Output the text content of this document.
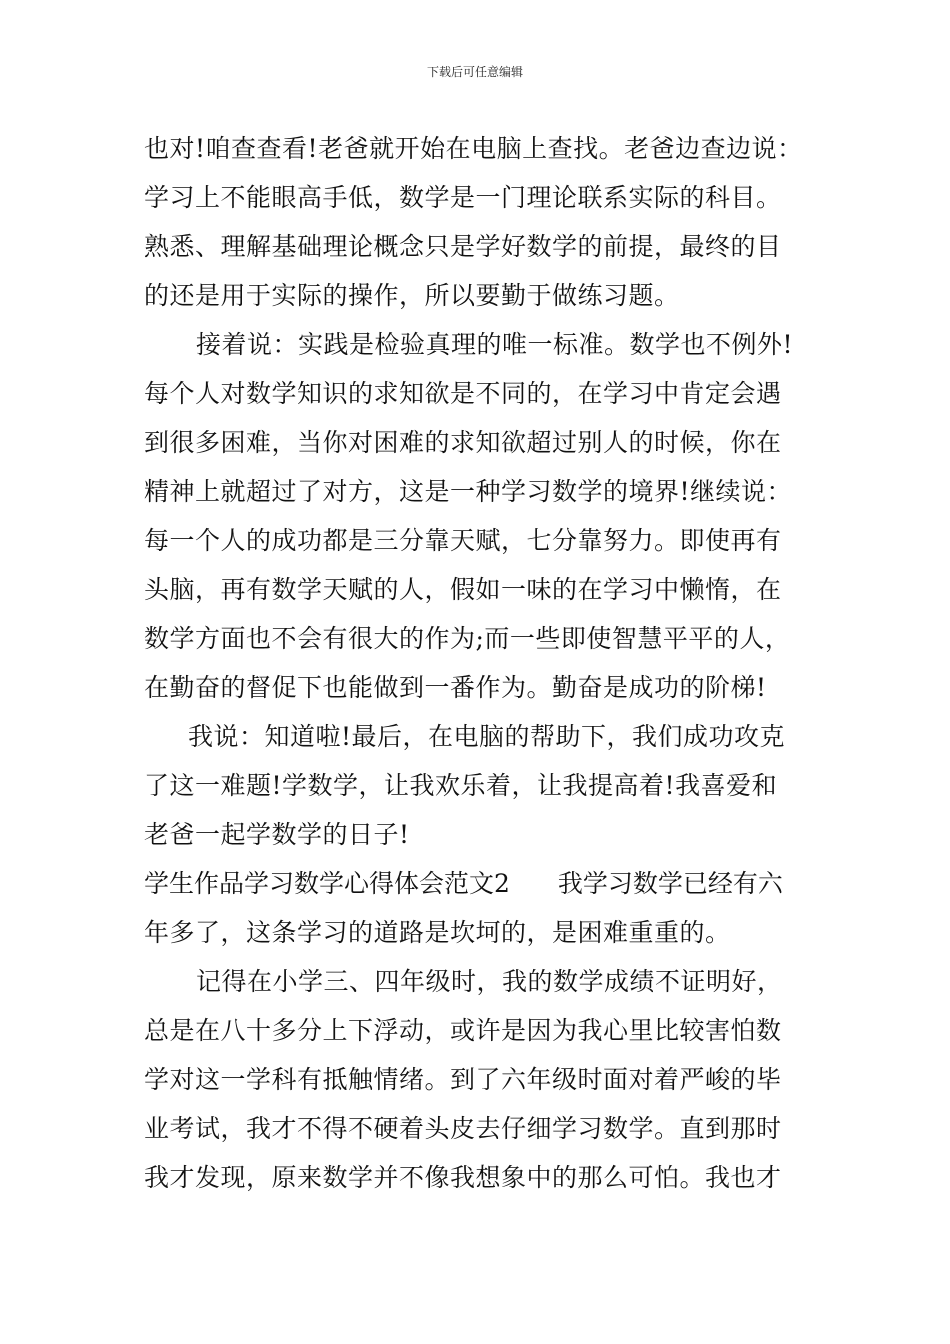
下载后可任意编辑
也对!咱查查看!老爸就开始在电脑上查找。老爸边查边说：
学习上不能眼高手低，数学是一门理论联系实际的科目。
熟悉、理解基础理论概念只是学好数学的前提，最终的目
的还是用于实际的操作，所以要勤于做练习题。
接着说：实践是检验真理的唯一标准。数学也不例外!
每个人对数学知识的求知欲是不同的，在学习中肯定会遇
到很多困难，当你对困难的求知欲超过别人的时候，你在
精神上就超过了对方，这是一种学习数学的境界!继续说：
每一个人的成功都是三分靠天赋，七分靠努力。即使再有
头脑，再有数学天赋的人，假如一味的在学习中懒惰，在
数学方面也不会有很大的作为;而一些即使智慧平平的人，
在勤奋的督促下也能做到一番作为。勤奋是成功的阶梯!
我说：知道啦!最后，在电脑的帮助下，我们成功攻克
了这一难题!学数学，让我欢乐着，让我提高着!我喜爱和
老爸一起学数学的日子!
学生作品学习数学心得体会范文2 我学习数学已经有六
年多了，这条学习的道路是坎坷的，是困难重重的。
记得在小学三、四年级时，我的数学成绩不证明好，
总是在八十多分上下浮动，或许是因为我心里比较害怕数
学对这一学科有抵触情绪。到了六年级时面对着严峻的毕
业考试，我才不得不硬着头皮去仔细学习数学。直到那时
我才发现，原来数学并不像我想象中的那么可怕。我也才
